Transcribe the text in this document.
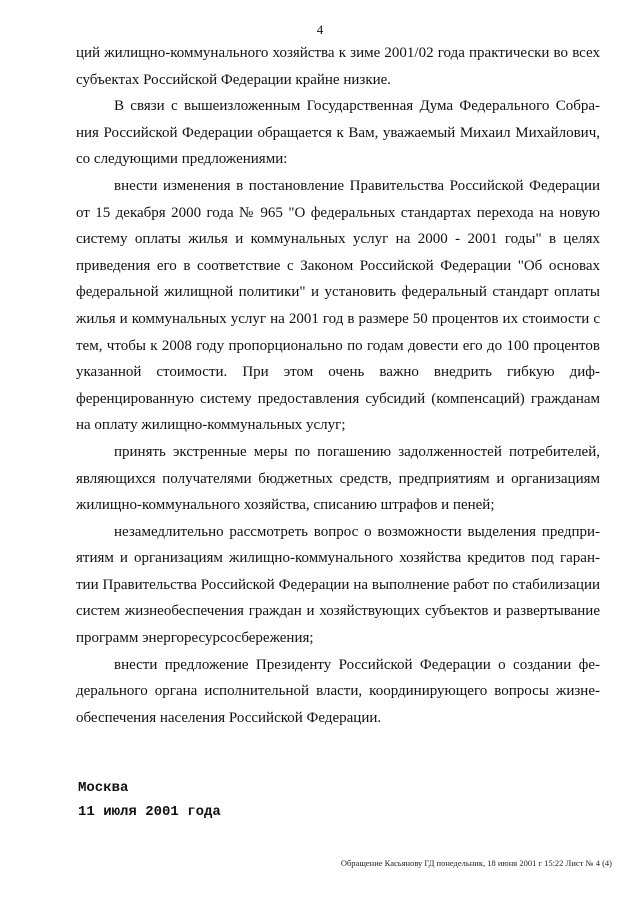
4

ций жилищно-коммунального хозяйства к зиме 2001/02 года практически во всех субъектах Российской Федерации крайне низкие.

В связи с вышеизложенным Государственная Дума Федерального Собрания Российской Федерации обращается к Вам, уважаемый Михаил Михайлович, со следующими предложениями:

внести изменения в постановление Правительства Российской Федерации от 15 декабря 2000 года № 965 "О федеральных стандартах перехода на новую систему оплаты жилья и коммунальных услуг на 2000 - 2001 годы" в целях приведения его в соответствие с Законом Российской Федерации "Об основах федеральной жилищной политики" и установить федеральный стандарт оплаты жилья и коммунальных услуг на 2001 год в размере 50 процентов их стоимости с тем, чтобы к 2008 году пропорционально по годам довести его до 100 процентов указанной стоимости. При этом очень важно внедрить гибкую дифференцированную систему предоставления субсидий (компенсаций) гражданам на оплату жилищно-коммунальных услуг;

принять экстренные меры по погашению задолженностей потребителей, являющихся получателями бюджетных средств, предприятиям и организациям жилищно-коммунального хозяйства, списанию штрафов и пеней;

незамедлительно рассмотреть вопрос о возможности выделения предприятиям и организациям жилищно-коммунального хозяйства кредитов под гарантии Правительства Российской Федерации на выполнение работ по стабилизации систем жизнеобеспечения граждан и хозяйствующих субъектов и развертывание программ энергоресурсосбережения;

внести предложение Президенту Российской Федерации о создании федерального органа исполнительной власти, координирующего вопросы жизнеобеспечения населения Российской Федерации.

Москва
11 июля 2001 года
Обращение Касьянову ГД понедельник, 18 июня 2001 г 15:22 Лист № 4 (4)
